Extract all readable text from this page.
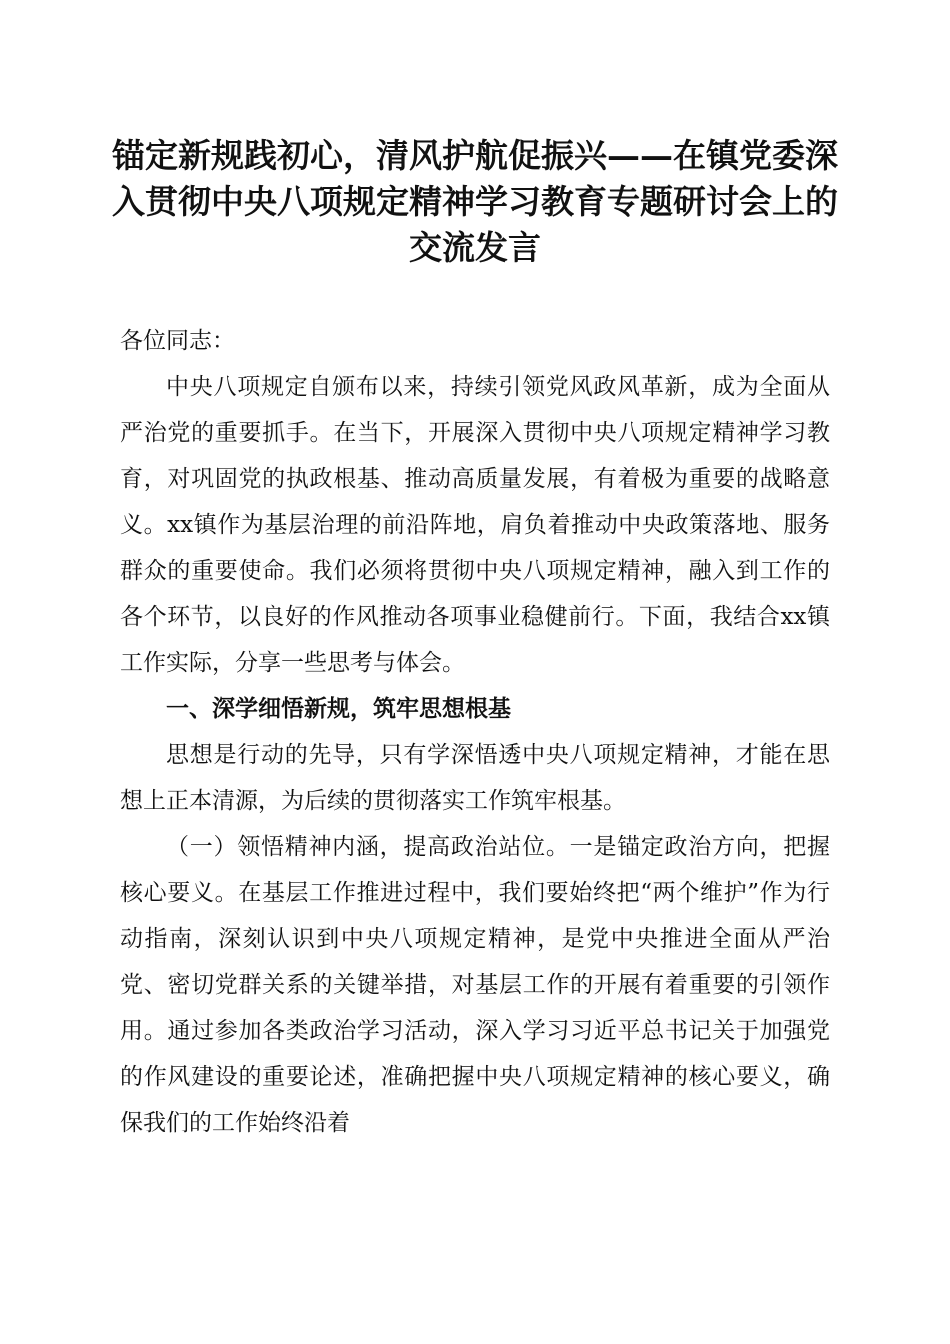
锚定新规践初心，清风护航促振兴——在镇党委深入贯彻中央八项规定精神学习教育专题研讨会上的交流发言

各位同志：

中央八项规定自颁布以来，持续引领党风政风革新，成为全面从严治党的重要抓手。在当下，开展深入贯彻中央八项规定精神学习教育，对巩固党的执政根基、推动高质量发展，有着极为重要的战略意义。xx镇作为基层治理的前沿阵地，肩负着推动中央政策落地、服务群众的重要使命。我们必须将贯彻中央八项规定精神，融入到工作的各个环节，以良好的作风推动各项事业稳健前行。下面，我结合xx镇工作实际，分享一些思考与体会。

一、深学细悟新规，筑牢思想根基

思想是行动的先导，只有学深悟透中央八项规定精神，才能在思想上正本清源，为后续的贯彻落实工作筑牢根基。

（一）领悟精神内涵，提高政治站位。一是锚定政治方向，把握核心要义。在基层工作推进过程中，我们要始终把“两个维护”作为行动指南，深刻认识到中央八项规定精神，是党中央推进全面从严治党、密切党群关系的关键举措，对基层工作的开展有着重要的引领作用。通过参加各类政治学习活动，深入学习习近平总书记关于加强党的作风建设的重要论述，准确把握中央八项规定精神的核心要义，确保我们的工作始终沿着
